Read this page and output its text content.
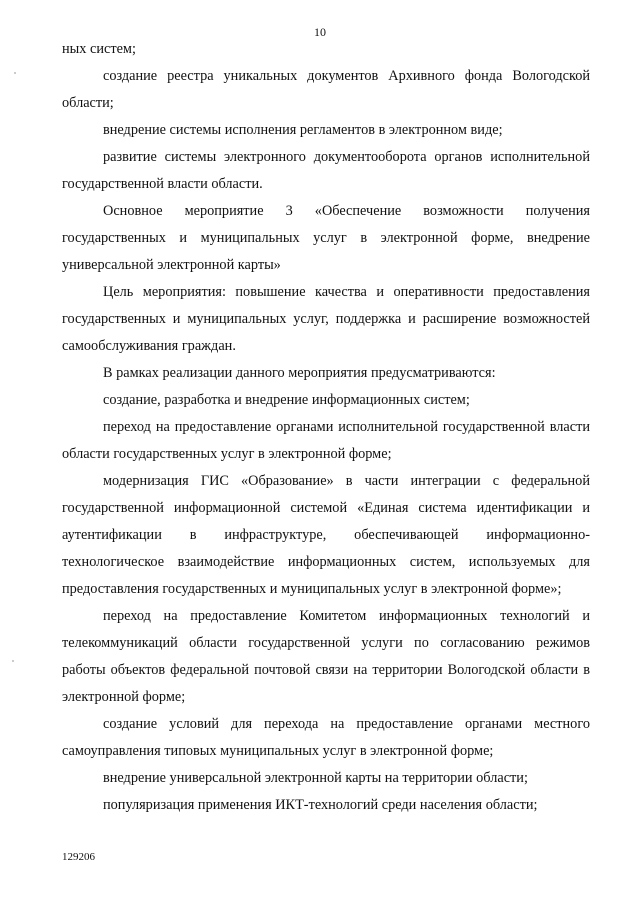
10

ных систем;

создание реестра уникальных документов Архивного фонда Вологодской области;

внедрение системы исполнения регламентов в электронном виде;

развитие системы электронного документооборота органов исполнительной государственной власти области.

Основное мероприятие 3 «Обеспечение возможности получения государственных и муниципальных услуг в электронной форме, внедрение универсальной электронной карты»

Цель мероприятия: повышение качества и оперативности предоставления государственных и муниципальных услуг, поддержка и расширение возможностей самообслуживания граждан.

В рамках реализации данного мероприятия предусматриваются:

создание, разработка и внедрение информационных систем;

переход на предоставление органами исполнительной государственной власти области государственных услуг в электронной форме;

модернизация ГИС «Образование» в части интеграции с федеральной государственной информационной системой «Единая система идентификации и аутентификации в инфраструктуре, обеспечивающей информационно-технологическое взаимодействие информационных систем, используемых для предоставления государственных и муниципальных услуг в электронной форме»;

переход на предоставление Комитетом информационных технологий и телекоммуникаций области государственной услуги по согласованию режимов работы объектов федеральной почтовой связи на территории Вологодской области в электронной форме;

создание условий для перехода на предоставление органами местного самоуправления типовых муниципальных услуг в электронной форме;

внедрение универсальной электронной карты на территории области;

популяризация применения ИКТ-технологий среди населения области;

129206
